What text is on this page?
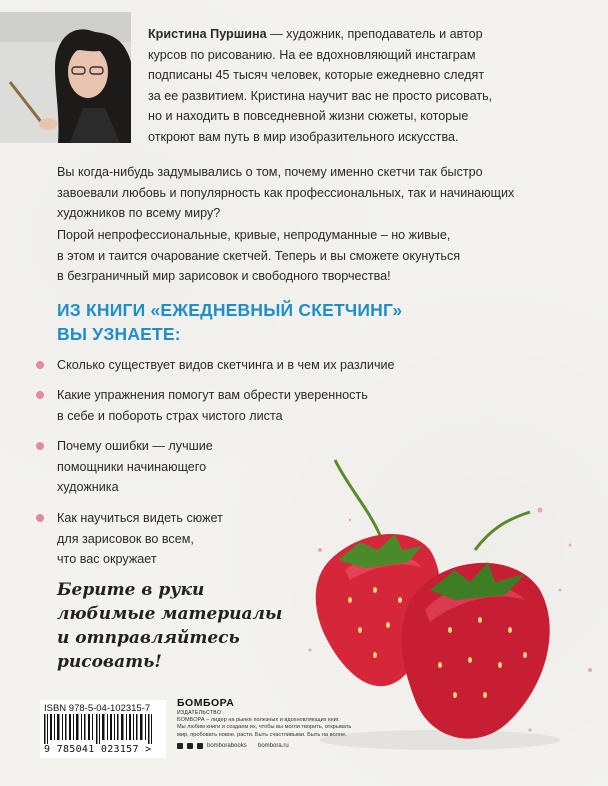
Кристина Пуршина — художник, преподаватель и автор
курсов по рисованию. На ее вдохновляющий инстаграм
подписаны 45 тысяч человек, которые ежедневно следят
за ее развитием. Кристина научит вас не просто рисовать,
но и находить в повседневной жизни сюжеты, которые
откроют вам путь в мир изобразительного искусства.
Вы когда-нибудь задумывались о том, почему именно скетчи так быстро
завоевали любовь и популярность как профессиональных, так и начинающих
художников по всему миру?
Порой непрофессиональные, кривые, непродуманные – но живые,
в этом и таится очарование скетчей. Теперь и вы сможете окунуться
в безграничный мир зарисовок и свободного творчества!
ИЗ КНИГИ «ЕЖЕДНЕВНЫЙ СКЕТЧИНГ»
ВЫ УЗНАЕТЕ:
Сколько существует видов скетчинга и в чем их различие
Какие упражнения помогут вам обрести уверенность
в себе и побороть страх чистого листа
Почему ошибки — лучшие
помощники начинающего
художника
Как научиться видеть сюжет
для зарисовок во всем,
что вас окружает
Берите в руки
любимые материалы
и отправляйтесь
рисовать!
ISBN 978-5-04-102315-7
9 785041 023157 >
БОМБОРА
ИЗДАТЕЛЬСТВО
БОМБОРА – лидер на рынке полезных и вдохновляющих книг.
Мы любим книги и создаем их, чтобы вы могли творить, открывать
мир, пробовать новое, расти. Быть счастливыми. Быть на волне.
bomborabooks bombora.ru
